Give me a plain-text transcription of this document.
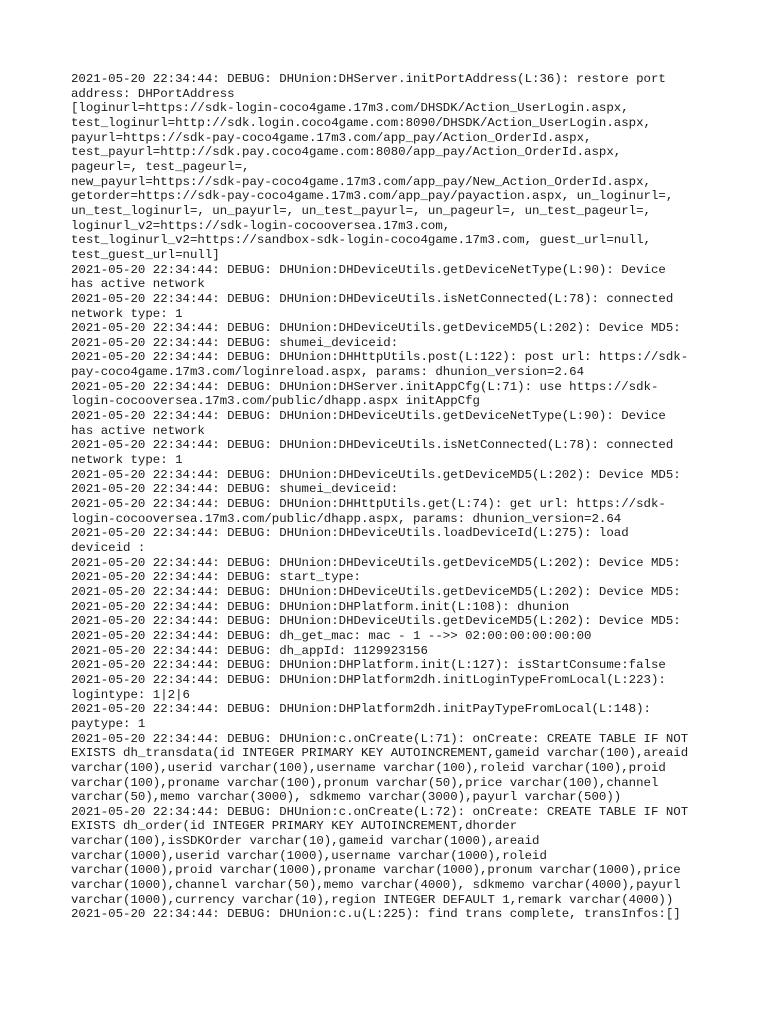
2021-05-20 22:34:44: DEBUG: DHUnion:DHServer.initPortAddress(L:36): restore port
address: DHPortAddress
[loginurl=https://sdk-login-coco4game.17m3.com/DHSDK/Action_UserLogin.aspx,
test_loginurl=http://sdk.login.coco4game.com:8090/DHSDK/Action_UserLogin.aspx,
payurl=https://sdk-pay-coco4game.17m3.com/app_pay/Action_OrderId.aspx,
test_payurl=http://sdk.pay.coco4game.com:8080/app_pay/Action_OrderId.aspx,
pageurl=, test_pageurl=,
new_payurl=https://sdk-pay-coco4game.17m3.com/app_pay/New_Action_OrderId.aspx,
getorder=https://sdk-pay-coco4game.17m3.com/app_pay/payaction.aspx, un_loginurl=,
un_test_loginurl=, un_payurl=, un_test_payurl=, un_pageurl=, un_test_pageurl=,
loginurl_v2=https://sdk-login-cocooversea.17m3.com,
test_loginurl_v2=https://sandbox-sdk-login-coco4game.17m3.com, guest_url=null,
test_guest_url=null]
2021-05-20 22:34:44: DEBUG: DHUnion:DHDeviceUtils.getDeviceNetType(L:90): Device
has active network
2021-05-20 22:34:44: DEBUG: DHUnion:DHDeviceUtils.isNetConnected(L:78): connected
network type: 1
2021-05-20 22:34:44: DEBUG: DHUnion:DHDeviceUtils.getDeviceMD5(L:202): Device MD5:
2021-05-20 22:34:44: DEBUG: shumei_deviceid:
2021-05-20 22:34:44: DEBUG: DHUnion:DHHttpUtils.post(L:122): post url: https://sdk-
pay-coco4game.17m3.com/loginreload.aspx, params: dhunion_version=2.64
2021-05-20 22:34:44: DEBUG: DHUnion:DHServer.initAppCfg(L:71): use https://sdk-
login-cocooversea.17m3.com/public/dhapp.aspx initAppCfg
2021-05-20 22:34:44: DEBUG: DHUnion:DHDeviceUtils.getDeviceNetType(L:90): Device
has active network
2021-05-20 22:34:44: DEBUG: DHUnion:DHDeviceUtils.isNetConnected(L:78): connected
network type: 1
2021-05-20 22:34:44: DEBUG: DHUnion:DHDeviceUtils.getDeviceMD5(L:202): Device MD5:
2021-05-20 22:34:44: DEBUG: shumei_deviceid:
2021-05-20 22:34:44: DEBUG: DHUnion:DHHttpUtils.get(L:74): get url: https://sdk-
login-cocooversea.17m3.com/public/dhapp.aspx, params: dhunion_version=2.64
2021-05-20 22:34:44: DEBUG: DHUnion:DHDeviceUtils.loadDeviceId(L:275): load
deviceid :
2021-05-20 22:34:44: DEBUG: DHUnion:DHDeviceUtils.getDeviceMD5(L:202): Device MD5:
2021-05-20 22:34:44: DEBUG: start_type:
2021-05-20 22:34:44: DEBUG: DHUnion:DHDeviceUtils.getDeviceMD5(L:202): Device MD5:
2021-05-20 22:34:44: DEBUG: DHUnion:DHPlatform.init(L:108): dhunion
2021-05-20 22:34:44: DEBUG: DHUnion:DHDeviceUtils.getDeviceMD5(L:202): Device MD5:
2021-05-20 22:34:44: DEBUG: dh_get_mac: mac - 1 -->> 02:00:00:00:00:00
2021-05-20 22:34:44: DEBUG: dh_appId: 1129923156
2021-05-20 22:34:44: DEBUG: DHUnion:DHPlatform.init(L:127): isStartConsume:false
2021-05-20 22:34:44: DEBUG: DHUnion:DHPlatform2dh.initLoginTypeFromLocal(L:223):
logintype: 1|2|6
2021-05-20 22:34:44: DEBUG: DHUnion:DHPlatform2dh.initPayTypeFromLocal(L:148):
paytype: 1
2021-05-20 22:34:44: DEBUG: DHUnion:c.onCreate(L:71): onCreate: CREATE TABLE IF NOT
EXISTS dh_transdata(id INTEGER PRIMARY KEY AUTOINCREMENT,gameid varchar(100),areaid
varchar(100),userid varchar(100),username varchar(100),roleid varchar(100),proid
varchar(100),proname varchar(100),pronum varchar(50),price varchar(100),channel
varchar(50),memo varchar(3000), sdkmemo varchar(3000),payurl varchar(500))
2021-05-20 22:34:44: DEBUG: DHUnion:c.onCreate(L:72): onCreate: CREATE TABLE IF NOT
EXISTS dh_order(id INTEGER PRIMARY KEY AUTOINCREMENT,dhorder
varchar(100),isSDKOrder varchar(10),gameid varchar(1000),areaid
varchar(1000),userid varchar(1000),username varchar(1000),roleid
varchar(1000),proid varchar(1000),proname varchar(1000),pronum varchar(1000),price
varchar(1000),channel varchar(50),memo varchar(4000), sdkmemo varchar(4000),payurl
varchar(1000),currency varchar(10),region INTEGER DEFAULT 1,remark varchar(4000))
2021-05-20 22:34:44: DEBUG: DHUnion:c.u(L:225): find trans complete, transInfos:[]
